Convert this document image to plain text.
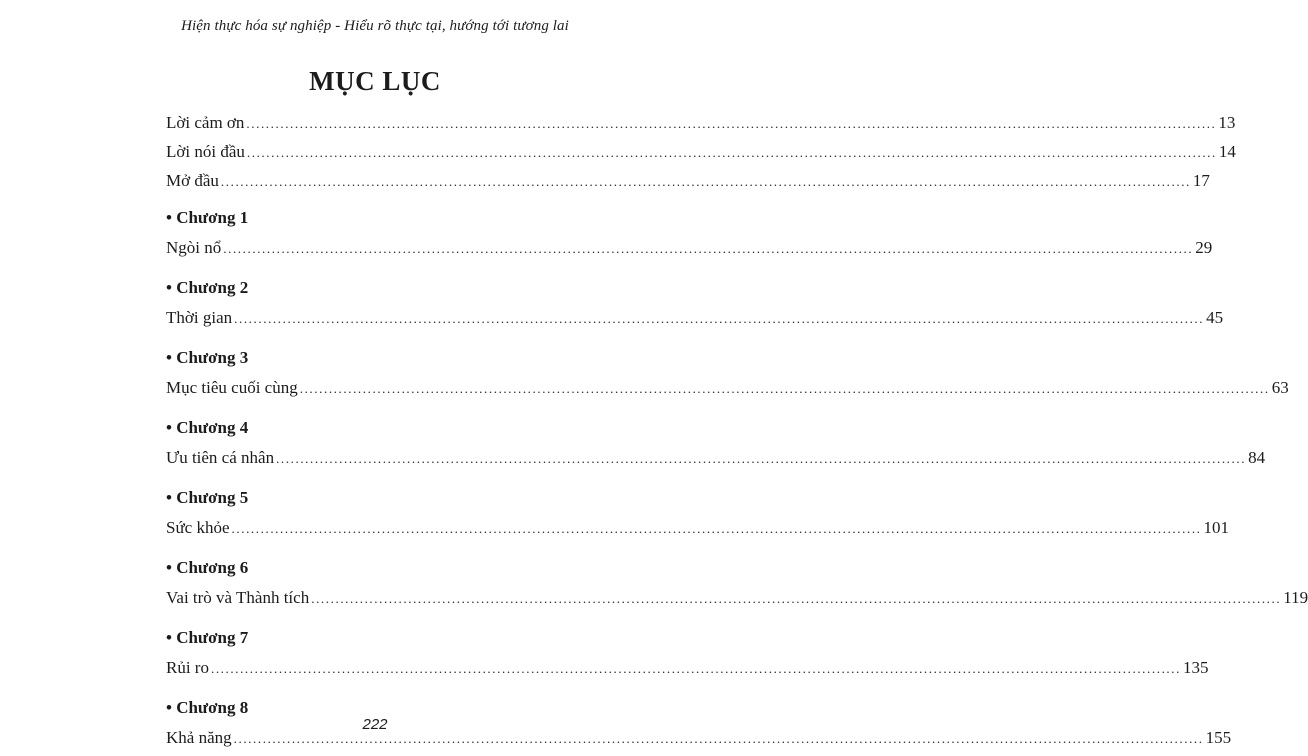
Hiện thực hóa sự nghiệp - Hiểu rõ thực tại, hướng tới tương lai
MỤC LỤC
Lời cảm ơn ........................................................................................................................................................................................................ 13
Lời nói đầu ........................................................................................................................................................................................................ 14
Mở đầu ........................................................................................................................................................................................................ 17
• Chương 1
Ngòi nổ ........................................................................................................................................................................................................ 29
• Chương 2
Thời gian ........................................................................................................................................................................................................ 45
• Chương 3
Mục tiêu cuối cùng ........................................................................................................................................................................................................ 63
• Chương 4
Ưu tiên cá nhân ........................................................................................................................................................................................................ 84
• Chương 5
Sức khỏe ........................................................................................................................................................................................................ 101
• Chương 6
Vai trò và Thành tích ........................................................................................................................................................................................................ 119
• Chương 7
Rủi ro ........................................................................................................................................................................................................ 135
• Chương 8
Khả năng ........................................................................................................................................................................................................ 155
222
